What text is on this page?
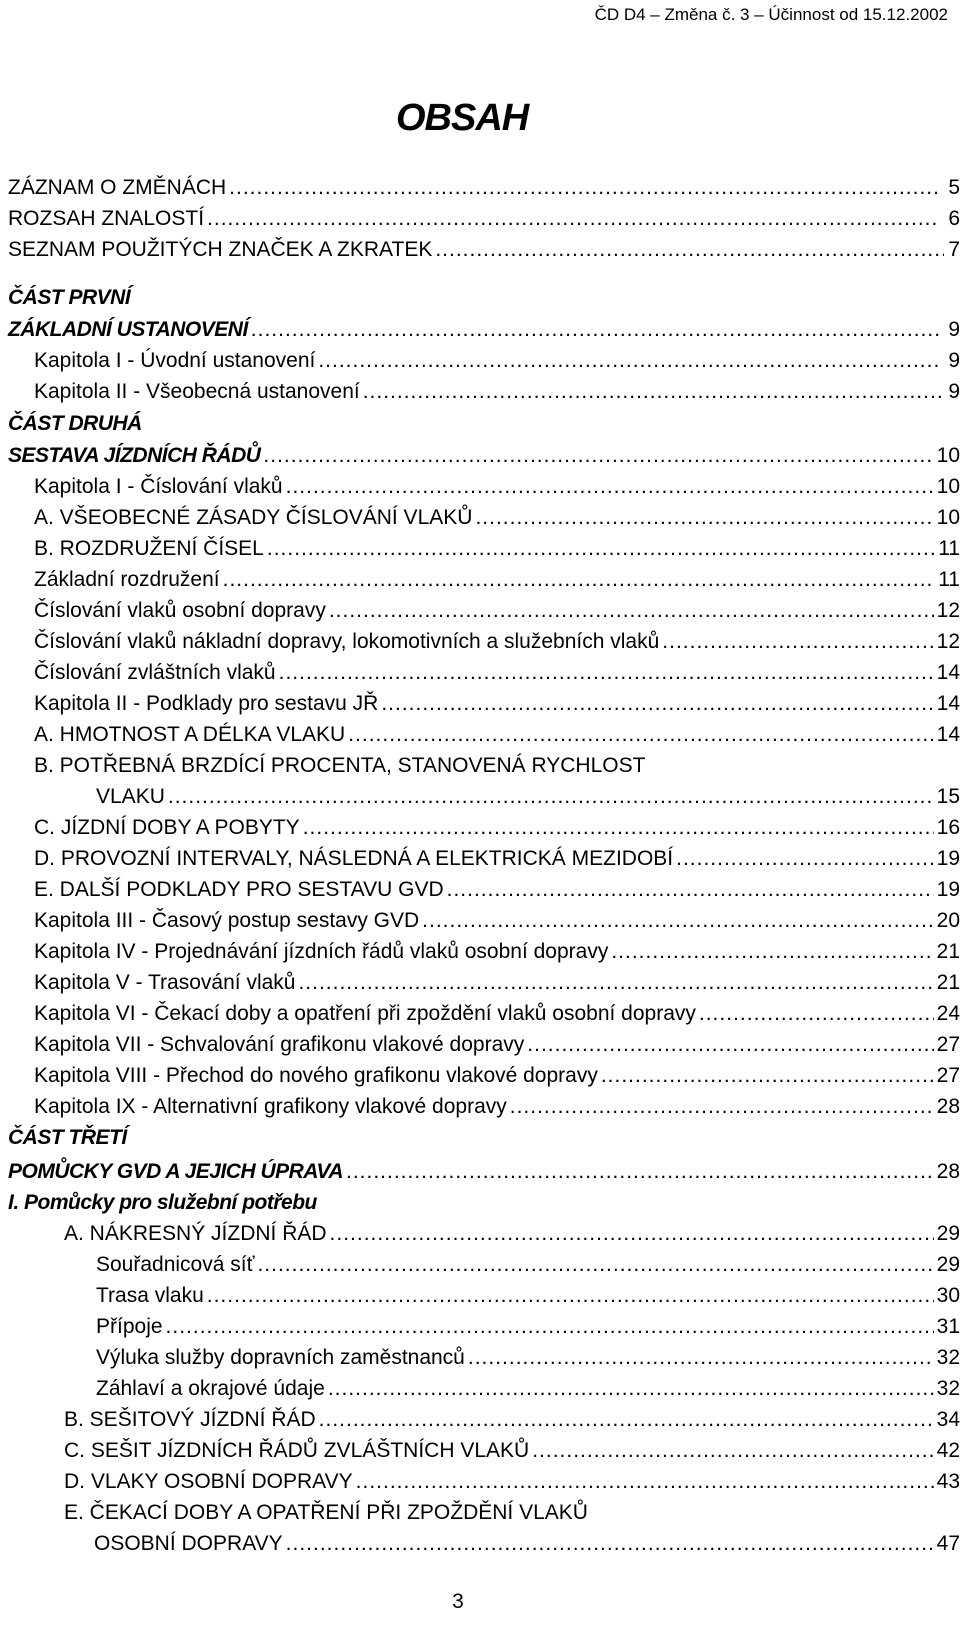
ČD D4 – Změna č. 3 – Účinnost od 15.12.2002
OBSAH
ZÁZNAM O ZMĚNÁCH .....	5
ROZSAH ZNALOSTÍ .....	6
SEZNAM POUŽITÝCH ZNAČEK A ZKRATEK .....	7
ČÁST PRVNÍ
ZÁKLADNÍ USTANOVENÍ .....	9
Kapitola I - Úvodní ustanovení .....	9
Kapitola II - Všeobecná ustanovení .....	9
ČÁST DRUHÁ
SESTAVA JÍZDNÍCH ŘÁDŮ .....	10
Kapitola I - Číslování vlaků .....	10
A. VŠEOBECNÉ ZÁSADY ČÍSLOVÁNÍ VLAKŮ .....	10
B. ROZDRUŽENÍ ČÍSEL .....	11
Základní rozdružení .....	11
Číslování vlaků osobní dopravy .....	12
Číslování vlaků nákladní dopravy, lokomotivních a služebních vlaků .....	12
Číslování zvláštních vlaků .....	14
Kapitola II - Podklady pro sestavu JŘ .....	14
A. HMOTNOST A DÉLKA VLAKU .....	14
B. POTŘEBNÁ BRZDÍCÍ PROCENTA, STANOVENÁ RYCHLOST
VLAKU .....	15
C. JÍZDNÍ DOBY A POBYTY .....	16
D. PROVOZNÍ INTERVALY, NÁSLEDNÁ A ELEKTRICKÁ MEZIDOBÍ .....	19
E. DALŠÍ PODKLADY PRO SESTAVU GVD .....	19
Kapitola III - Časový postup sestavy GVD .....	20
Kapitola IV - Projednávání jízdních řádů vlaků osobní dopravy .....	21
Kapitola V - Trasování vlaků .....	21
Kapitola VI - Čekací doby a opatření při zpoždění vlaků osobní dopravy .....	24
Kapitola VII - Schvalování grafikonu vlakové dopravy .....	27
Kapitola VIII - Přechod do nového grafikonu vlakové dopravy .....	27
Kapitola IX - Alternativní grafikony vlakové dopravy .....	28
ČÁST TŘETÍ
POMŮCKY GVD A JEJICH ÚPRAVA .....	28
I. Pomůcky pro služební potřebu
A. NÁKRESNÝ JÍZDNÍ ŘÁD .....	29
Souřadnicová síť .....	29
Trasa vlaku .....	30
Přípoje .....	31
Výluka služby dopravních zaměstnanců .....	32
Záhlaví a okrajové údaje .....	32
B. SEŠITOVÝ JÍZDNÍ ŘÁD .....	34
C. SEŠIT JÍZDNÍCH ŘÁDŮ ZVLÁŠTNÍCH VLAKŮ .....	42
D. VLAKY OSOBNÍ DOPRAVY .....	43
E. ČEKACÍ DOBY A OPATŘENÍ PŘI ZPOŽDĚNÍ VLAKŮ
OSOBNÍ DOPRAVY .....	47
3
